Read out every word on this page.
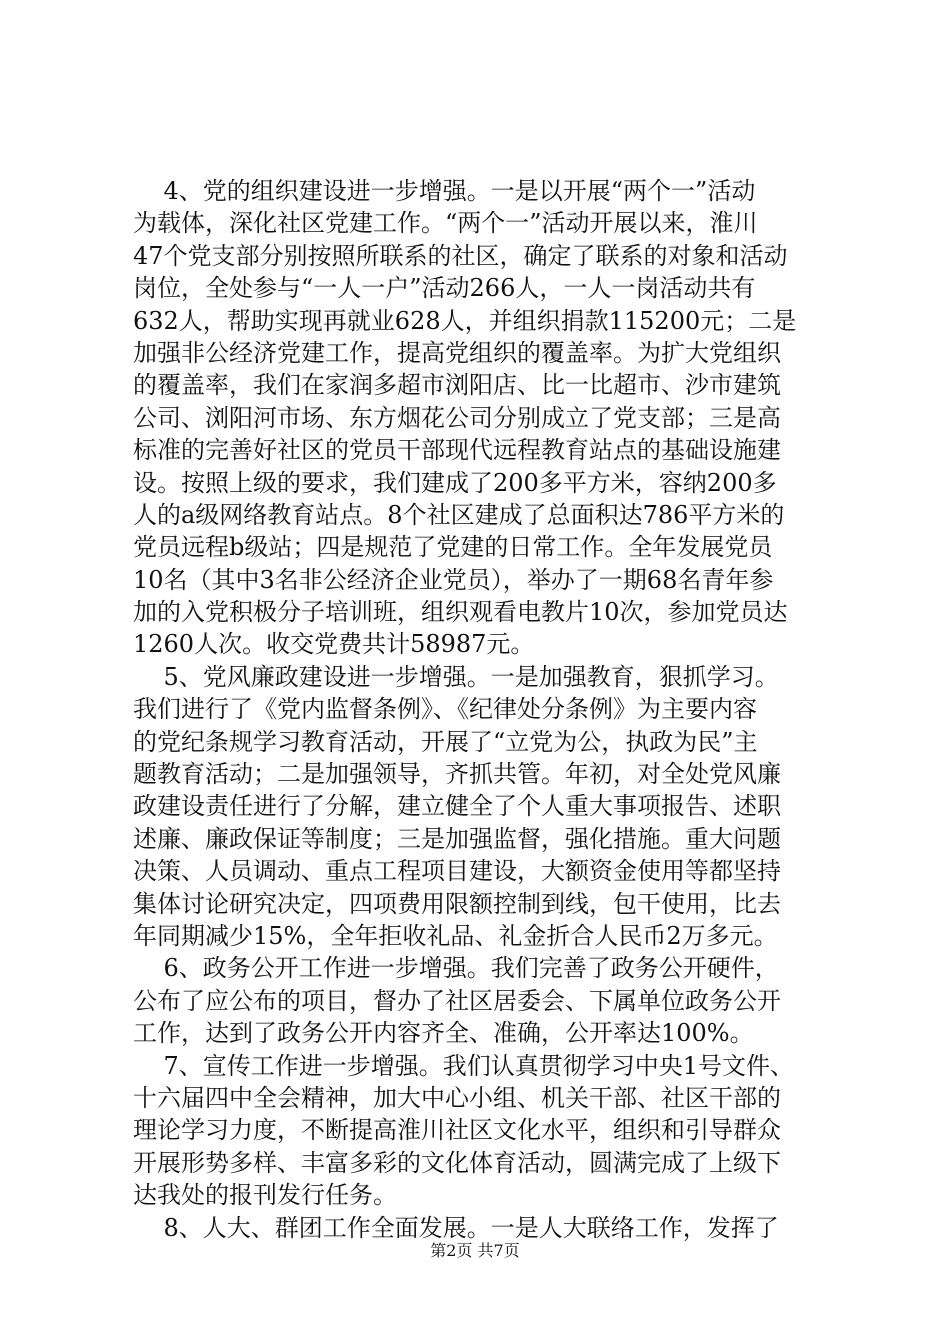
4、党的组织建设进一步增强。一是以开展“两个一”活动
为载体，深化社区党建工作。“两个一”活动开展以来，淮川
47个党支部分别按照所联系的社区，确定了联系的对象和活动
岗位，全处参与“一人一户”活动266人，一人一岗活动共有
632人，帮助实现再就业628人，并组织捐款115200元；二是
加强非公经济党建工作，提高党组织的覆盖率。为扩大党组织
的覆盖率，我们在家润多超市浏阳店、比一比超市、沙市建筑
公司、浏阳河市场、东方烟花公司分别成立了党支部；三是高
标准的完善好社区的党员干部现代远程教育站点的基础设施建
设。按照上级的要求，我们建成了200多平方米，容纳200多
人的a级网络教育站点。8个社区建成了总面积达786平方米的
党员远程b级站；四是规范了党建的日常工作。全年发展党员
10名（其中3名非公经济企业党员），举办了一期68名青年参
加的入党积极分子培训班，组织观看电教片10次，参加党员达
1260人次。收交党费共计58987元。
5、党风廉政建设进一步增强。一是加强教育，狠抓学习。
我们进行了《党内监督条例》、《纪律处分条例》为主要内容
的党纪条规学习教育活动，开展了“立党为公，执政为民”主
题教育活动；二是加强领导，齐抓共管。年初，对全处党风廉
政建设责任进行了分解，建立健全了个人重大事项报告、述职
述廉、廉政保证等制度；三是加强监督，强化措施。重大问题
决策、人员调动、重点工程项目建设，大额资金使用等都坚持
集体讨论研究决定，四项费用限额控制到线，包干使用，比去
年同期减少15%，全年拒收礼品、礼金折合人民币2万多元。
6、政务公开工作进一步增强。我们完善了政务公开硬件，
公布了应公布的项目，督办了社区居委会、下属单位政务公开
工作，达到了政务公开内容齐全、准确，公开率达100%。
7、宣传工作进一步增强。我们认真贯彻学习中央1号文件、
十六届四中全会精神，加大中心小组、机关干部、社区干部的
理论学习力度，不断提高淮川社区文化水平，组织和引导群众
开展形势多样、丰富多彩的文化体育活动，圆满完成了上级下
达我处的报刊发行任务。
8、人大、群团工作全面发展。一是人大联络工作，发挥了
第2页 共7页
